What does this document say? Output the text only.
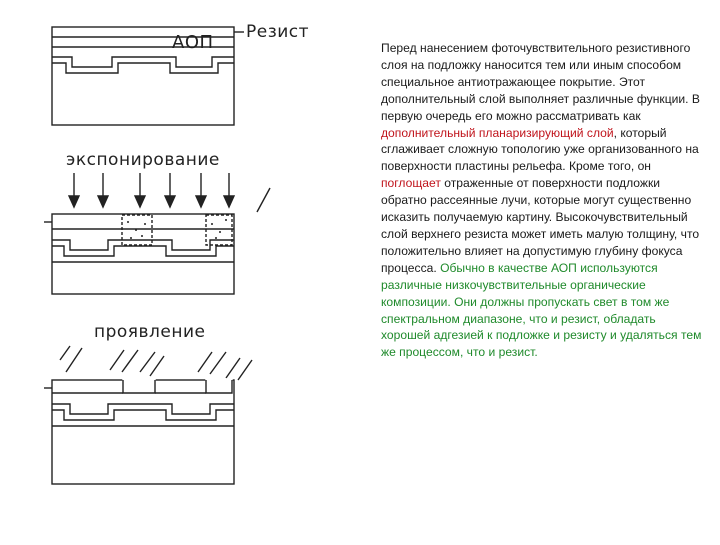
АОП Резист
экспонирование
проявление
Перед нанесением фоточувствительного резистивного слоя на подложку наносится тем или иным способом специальное антиотражающее покрытие. Этот дополнительный слой выполняет различные функции. В первую очередь его можно рассматривать как дополнительный планаризирующий слой, который сглаживает сложную топологию уже организованного на поверхности пластины рельефа. Кроме того, он поглощает отраженные от поверхности подложки обратно рассеянные лучи, которые могут существенно исказить получаемую картину. Высокочувствительный слой верхнего резиста может иметь малую толщину, что положительно влияет на допустимую глубину фокуса процесса. Обычно в качестве АОП используются различные низкочувствительные органические композиции. Они должны пропускать свет в том же спектральном диапазоне, что и резист, обладать хорошей адгезией к подложке и резисту и удаляться тем же процессом, что и резист.
